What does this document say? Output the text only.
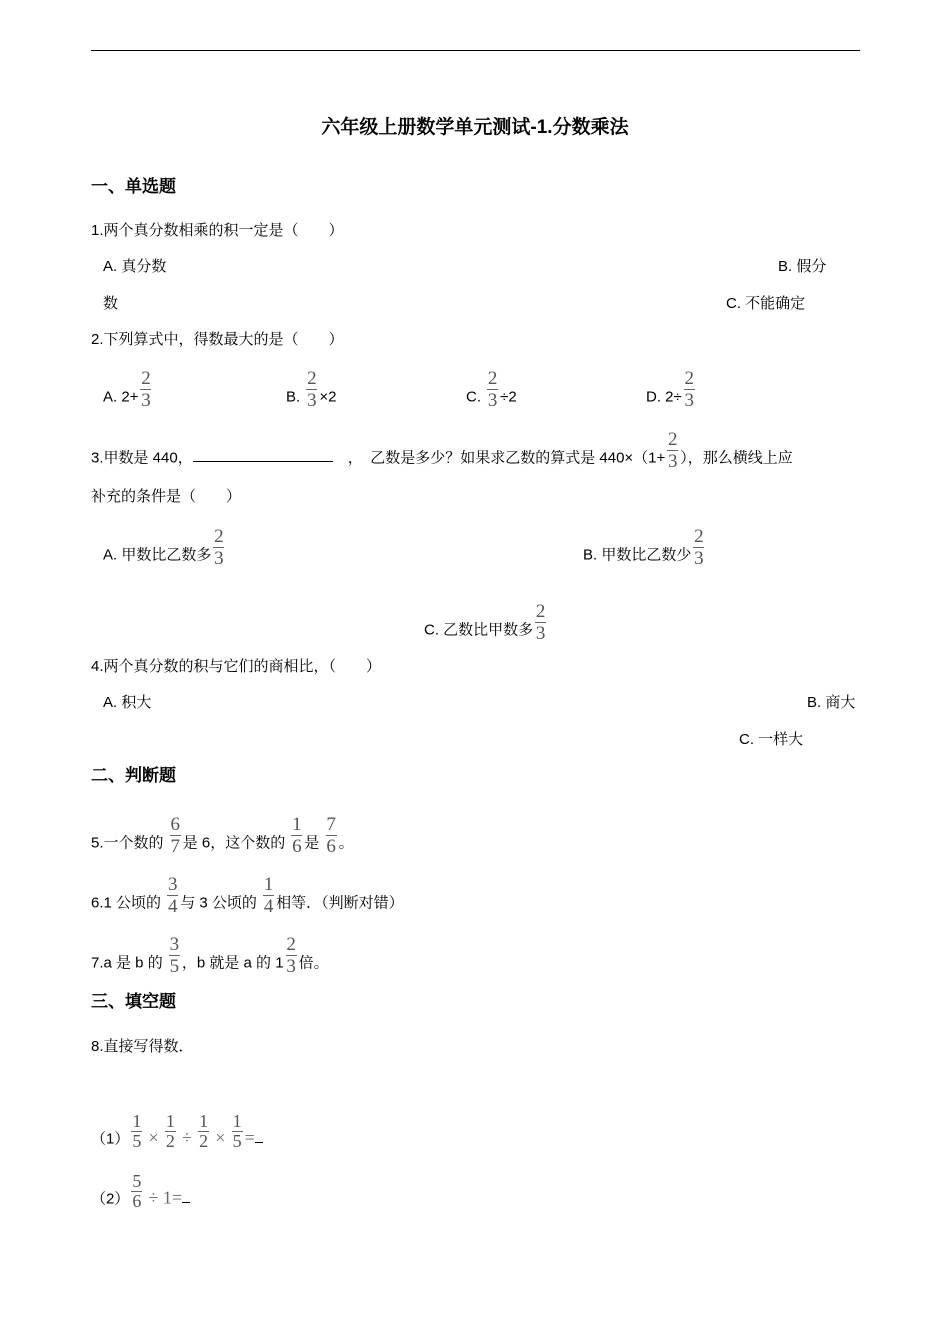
六年级上册数学单元测试-1.分数乘法
一、单选题
1.两个真分数相乘的积一定是（　　）
A. 真分数	B. 假分
数	C. 不能确定
2.下列算式中，得数最大的是（　　）
A. $2+ \frac{2}{3}$	B. $\frac{2}{3} \times 2$	C. $\frac{2}{3} \div 2$	D. $2\div \frac{2}{3}$
3.甲数是 440，	　，　乙数是多少？如果求乙数的算式是 $440\times(1+ \frac{2}{3}$ ），那么横线上应
补充的条件是（　　）
A. 甲数比乙数多 $\frac{2}{3}$	B. 甲数比乙数少 $\frac{2}{3}$
C. 乙数比甲数多 $\frac{2}{3}$
4.两个真分数的积与它们的商相比，（　　）
A. 积大	B. 商大
C. 一样大
二、判断题
5.一个数的 $\frac{6}{7}$ 是 6，这个数的 $\frac{1}{6}$ 是 $\frac{7}{6}$ 。
6.1 公顷的 $\frac{3}{4}$ 与 3 公顷的 $\frac{1}{4}$ 相等．（判断对错）
7.a 是 b 的 $\frac{3}{5}$ ，b 就是 a 的 $1 \frac{2}{3}$ 倍。
三、填空题
8.直接写得数．
$(1) \frac{1}{5} \times \frac{1}{2} \div \frac{1}{2} \times \frac{1}{5}$ =
$(2) \frac{5}{6} \div 1=$
